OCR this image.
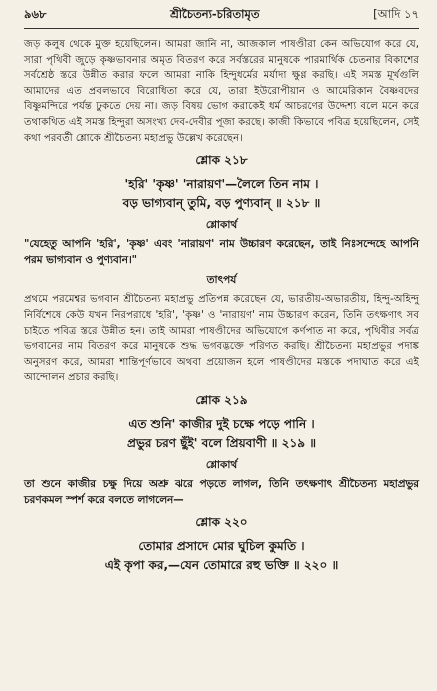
৯৬৮	শ্রীচৈতন্য-চরিতামৃত	[আদি ১৭

জড় কলুষ থেকে মুক্ত হয়েছিলেন। আমরা জানি না, আজকাল পাষণ্ডীরা কেন অভিযোগ করে যে, সারা পৃথিবী জুড়ে কৃষ্ণভাবনার অমৃত বিতরণ করে সর্বস্তরের মানুষকে পারমার্থিক চেতনার বিকাশের সর্বশ্রেষ্ঠ স্তরে উন্নীত করার ফলে আমরা নাকি হিন্দুধর্মের মর্যাদা ক্ষুণ্ণ করছি। এই সমস্ত মূর্খগুলি আমাদের এত প্রবলভাবে বিরোধিতা করে যে, তারা ইউরোপীয়ান ও আমেরিকান বৈষ্ণবদের বিষ্ণুমন্দিরে পর্যন্ত ঢুকতে দেয় না। জড় বিষয় ভোগ করাকেই ধর্ম আচরণের উদ্দেশ্য বলে মনে করে তথাকথিত এই সমস্ত হিন্দুরা অসংখ্য দেব-দেবীর পূজা করছে। কাজী কিভাবে পবিত্র হয়েছিলেন, সেই কথা পরবর্তী শ্লোকে শ্রীচৈতন্য মহাপ্রভু উল্লেখ করেছেন।

শ্লোক ২১৮

'হরি' 'কৃষ্ণ' 'নারায়ণ'—লৈলে তিন নাম ।

বড় ভাগ্যবান্ তুমি, বড় পুণ্যবান্ ॥ ২১৮ ॥

শ্লোকার্থ

"যেহেতু আপনি 'হরি', 'কৃষ্ণ' এবং 'নারায়ণ' নাম উচ্চারণ করেছেন, তাই নিঃসন্দেহে আপনি পরম ভাগ্যবান ও পুণ্যবান।"

তাৎপর্য

প্রথমে পরমেশ্বর ভগবান শ্রীচৈতন্য মহাপ্রভু প্রতিপন্ন করেছেন যে, ভারতীয়-অভারতীয়, হিন্দু-অহিন্দু নির্বিশেষে কেউ যখন নিরপরাধে 'হরি', 'কৃষ্ণ' ও 'নারায়ণ' নাম উচ্চারণ করেন, তিনি তৎক্ষণাৎ সব চাইতে পবিত্র স্তরে উন্নীত হন। তাই আমরা পাষণ্ডীদের অভিযোগে কর্ণপাত না করে, পৃথিবীর সর্বত্র ভগবানের নাম বিতরণ করে মানুষকে শুদ্ধ ভগবদ্ভক্তে পরিণত করছি। শ্রীচৈতন্য মহাপ্রভুর পদাঙ্ক অনুসরণ করে, আমরা শান্তিপূর্ণভাবে অথবা প্রয়োজন হলে পাষণ্ডীদের মস্তকে পদাঘাত করে এই আন্দোলন প্রচার করছি।

শ্লোক ২১৯

এত শুনি' কাজীর দুই চক্ষে পড়ে পানি ।

প্রভুর চরণ ছুঁই' বলে প্রিয়বাণী ॥ ২১৯ ॥

শ্লোকার্থ

তা শুনে কাজীর চক্ষু দিয়ে অশ্রু ঝরে পড়তে লাগল, তিনি তৎক্ষণাৎ শ্রীচৈতন্য মহাপ্রভুর চরণকমল স্পর্শ করে বলতে লাগলেন—

শ্লোক ২২০

তোমার প্রসাদে মোর ঘুচিল কুমতি ।

এই কৃপা কর,—যেন তোমারে রহু ভক্তি ॥ ২২০ ॥
